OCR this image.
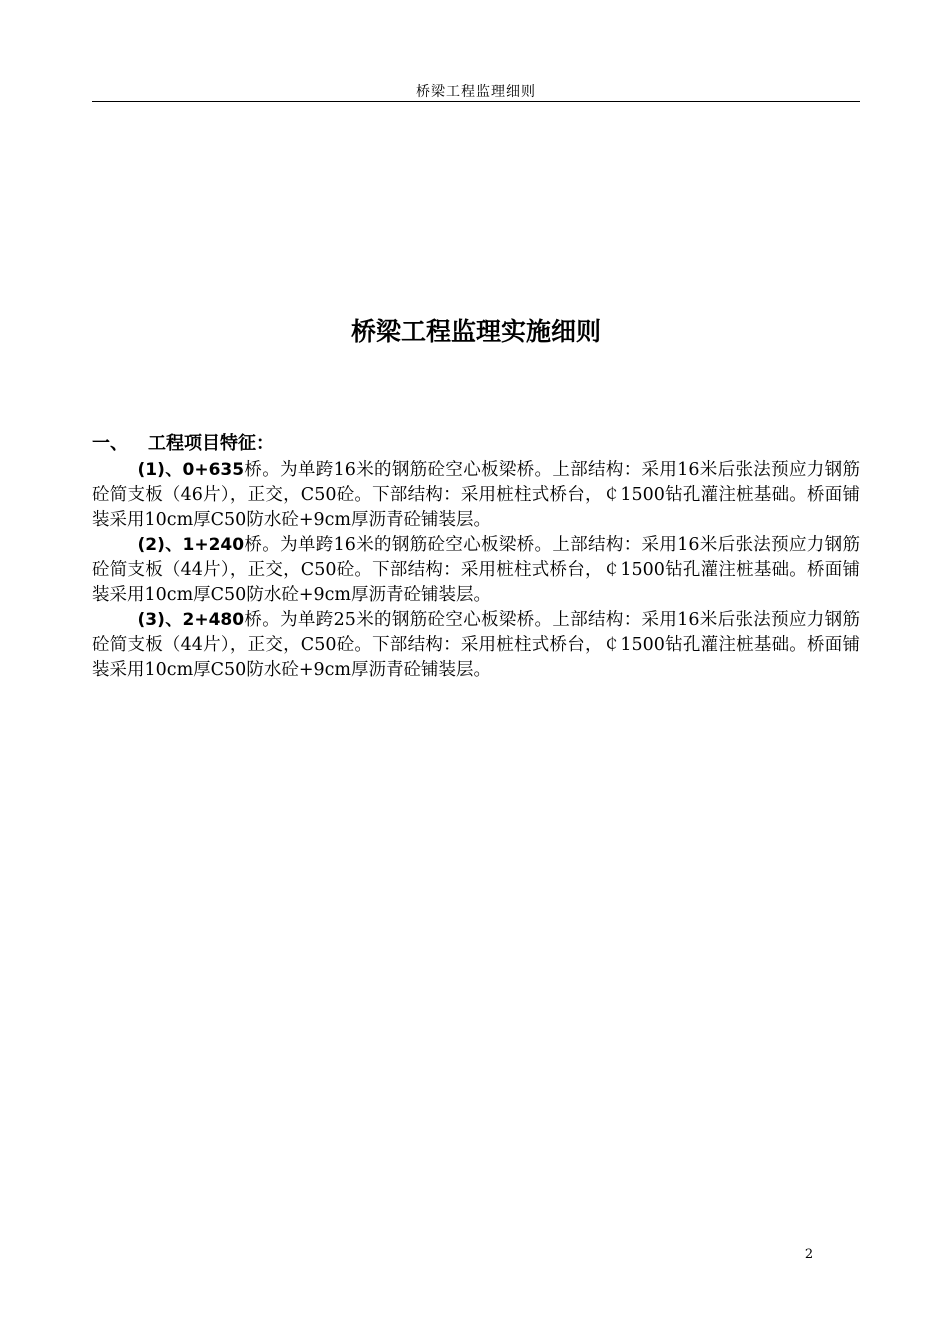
桥梁工程监理细则
桥梁工程监理实施细则
一、 工程项目特征：

(1)、0+635桥。为单跨16米的钢筋砼空心板梁桥。上部结构：采用16米后张法预应力钢筋砼简支板（46片），正交，C50砼。下部结构：采用桩柱式桥台，￠1500钻孔灌注桩基础。桥面铺装采用10cm厚C50防水砼+9cm厚沥青砼铺装层。

(2)、1+240桥。为单跨16米的钢筋砼空心板梁桥。上部结构：采用16米后张法预应力钢筋砼简支板（44片），正交，C50砼。下部结构：采用桩柱式桥台，￠1500钻孔灌注桩基础。桥面铺装采用10cm厚C50防水砼+9cm厚沥青砼铺装层。

(3)、2+480桥。为单跨25米的钢筋砼空心板梁桥。上部结构：采用16米后张法预应力钢筋砼简支板（44片），正交，C50砼。下部结构：采用桩柱式桥台，￠1500钻孔灌注桩基础。桥面铺装采用10cm厚C50防水砼+9cm厚沥青砼铺装层。

2
